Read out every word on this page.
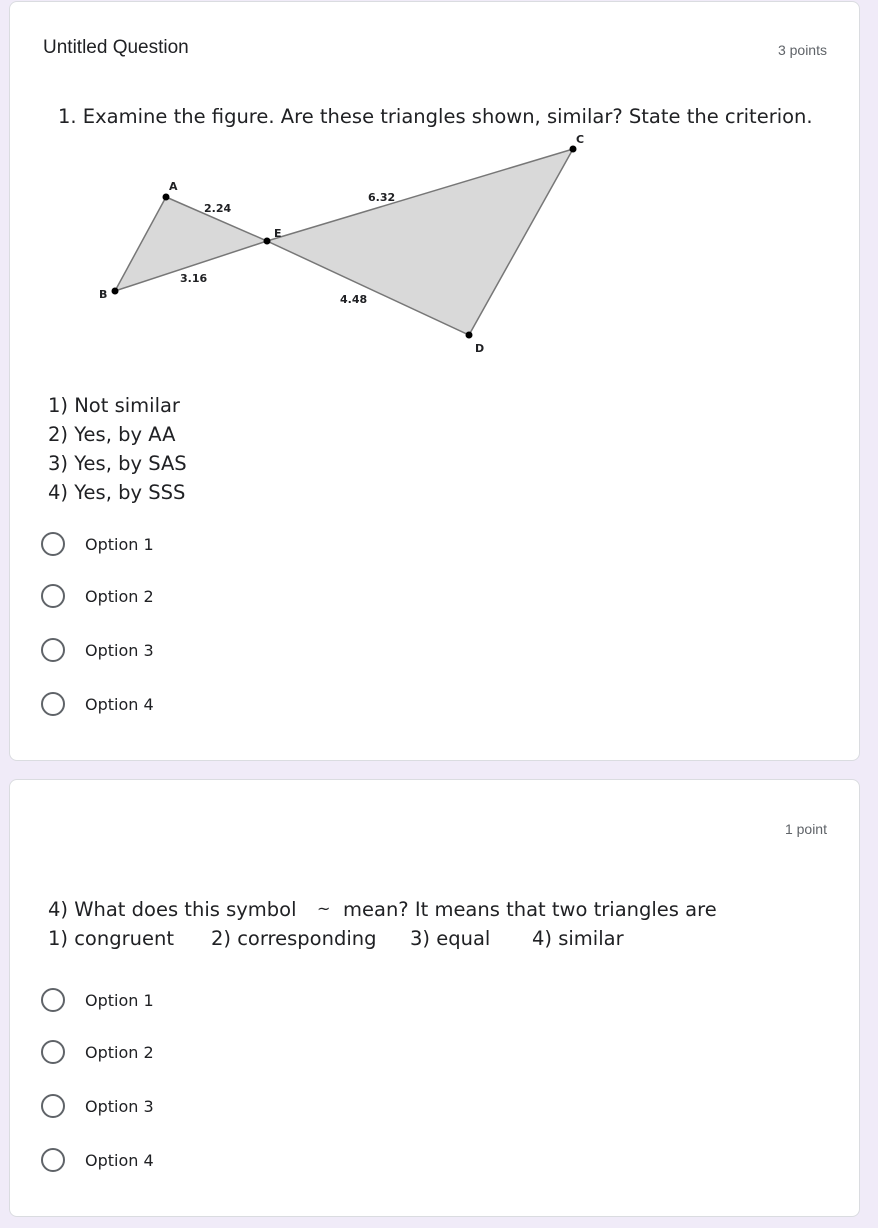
Untitled Question	3 points
1. Examine the figure. Are these triangles shown, similar? State the criterion.
A
B
C
D
E
2.24
3.16
6.32
4.48
1) Not similar
2) Yes, by AA
3) Yes, by SAS
4) Yes, by SSS
Option 1
Option 2
Option 3
Option 4
1 point
4) What does this symbol ~ mean? It means that two triangles are
1) congruent 2) corresponding 3) equal 4) similar
Option 1
Option 2
Option 3
Option 4
